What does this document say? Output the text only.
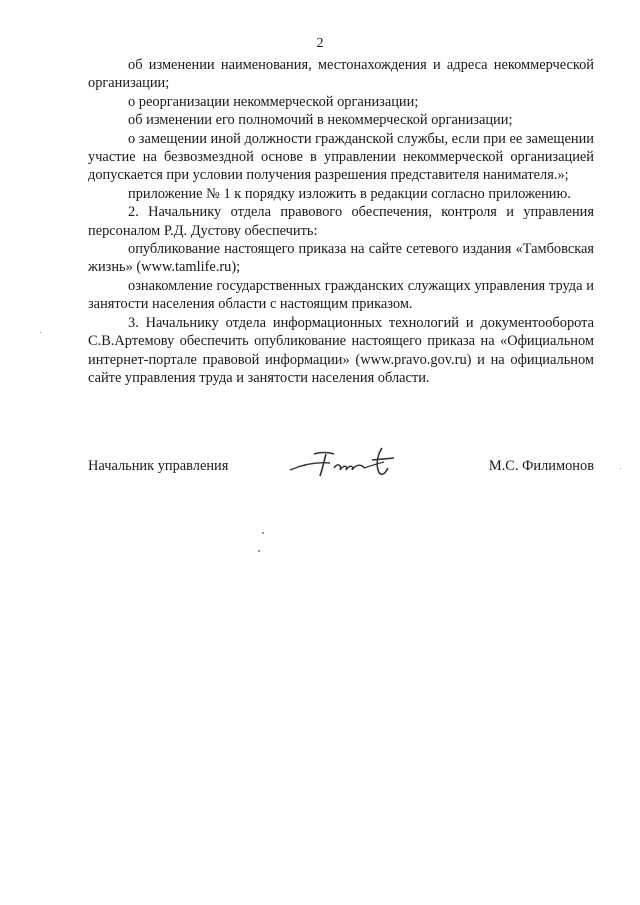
2

об изменении наименования, местонахождения и адреса некоммерческой организации;

о реорганизации некоммерческой организации;

об изменении его полномочий в некоммерческой организации;

о замещении иной должности гражданской службы, если при ее замещении участие на безвозмездной основе в управлении некоммерческой организацией допускается при условии получения разрешения представителя нанимателя.»;

приложение № 1 к порядку изложить в редакции согласно приложению.

2. Начальнику отдела правового обеспечения, контроля и управления персоналом Р.Д. Дустову обеспечить:

опубликование настоящего приказа на сайте сетевого издания «Тамбовская жизнь» (www.tamlife.ru);

ознакомление государственных гражданских служащих управления труда и занятости населения области с настоящим приказом.

3. Начальнику отдела информационных технологий и документооборота С.В.Артемову обеспечить опубликование настоящего приказа на «Официальном интернет-портале правовой информации» (www.pravo.gov.ru) и на официальном сайте управления труда и занятости населения области.

Начальник управления	М.С. Филимонов
